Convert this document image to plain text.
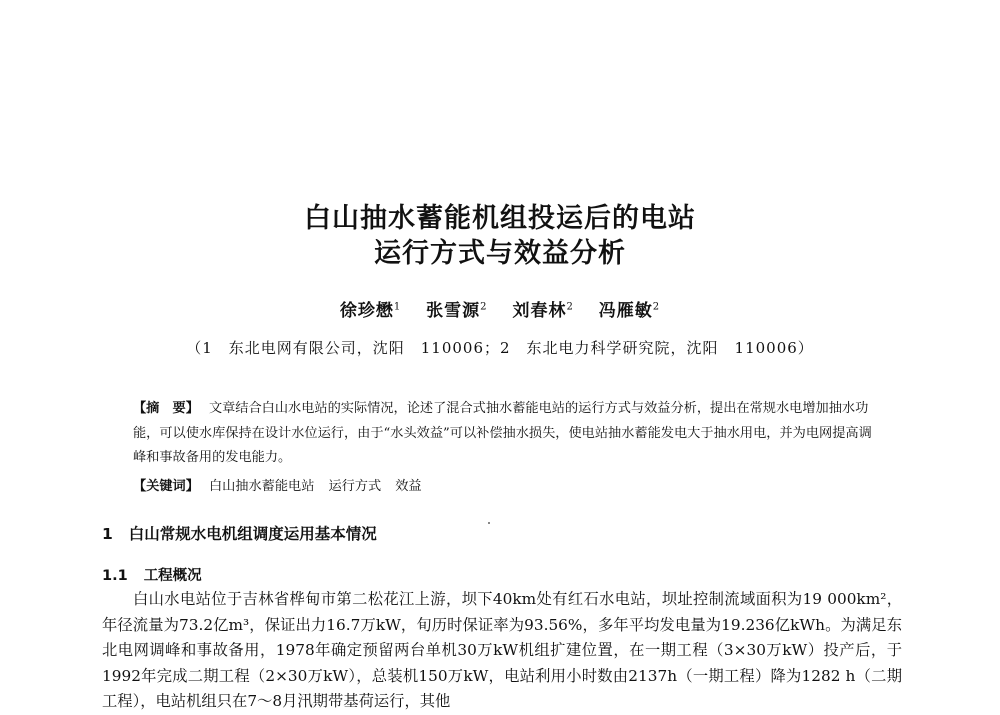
白山抽水蓄能机组投运后的电站
运行方式与效益分析
徐珍懋$^1$ 张雪源$^2$ 刘春林$^2$ 冯雁敏$^2$
（1　东北电网有限公司，沈阳　110006；2　东北电力科学研究院，沈阳　110006）

【摘　要】 文章结合白山水电站的实际情况，论述了混合式抽水蓄能电站的运行方式与效益分析，提出在常规水电增加抽水功能，可以使水库保持在设计水位运行，由于“水头效益”可以补偿抽水损失，使电站抽水蓄能发电大于抽水用电，并为电网提高调峰和事故备用的发电能力。

【关键词】 白山抽水蓄能电站 运行方式 效益

1 白山常规水电机组调度运用基本情况
1.1 工程概况

白山水电站位于吉林省桦甸市第二松花江上游，坝下40km处有红石水电站，坝址控制流域面积为19 000km²，年径流量为73.2亿m³，保证出力16.7万kW，旬历时保证率为93.56%，多年平均发电量为19.236亿kWh。为满足东北电网调峰和事故备用，1978年确定预留两台单机30万kW机组扩建位置，在一期工程（3×30万kW）投产后，于1992年完成二期工程（2×30万kW），总装机150万kW，电站利用小时数由2137h（一期工程）降为1282 h（二期工程），电站机组只在7～8月汛期带基荷运行，其他
